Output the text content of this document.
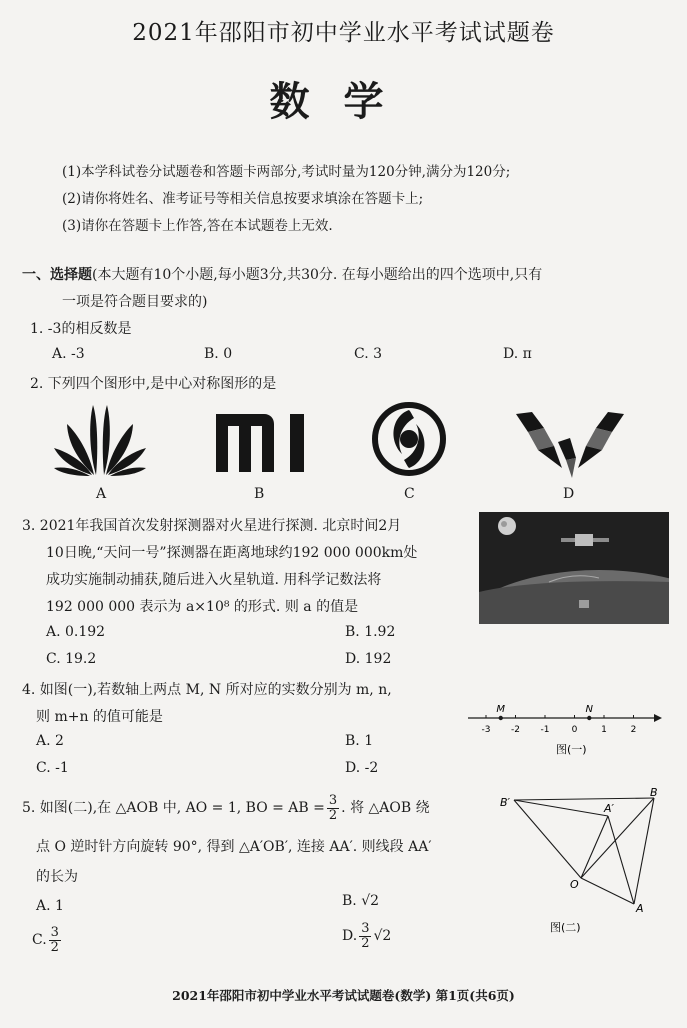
2021年邵阳市初中学业水平考试试题卷
数学
(1)本学科试卷分试题卷和答题卡两部分,考试时量为120分钟,满分为120分;
(2)请你将姓名、准考证号等相关信息按要求填涂在答题卡上;
(3)请你在答题卡上作答,答在本试题卷上无效.
一、选择题(本大题有10个小题,每小题3分,共30分. 在每小题给出的四个选项中,只有
一项是符合题目要求的)
1. -3的相反数是
A. -3	B. 0	C. 3	D. π
2. 下列四个图形中,是中心对称图形的是
A	B	C	D
3. 2021年我国首次发射探测器对火星进行探测. 北京时间2月
10日晚,“天问一号”探测器在距离地球约192 000 000km处
成功实施制动捕获,随后进入火星轨道. 用科学记数法将
192 000 000 表示为 a×10⁸ 的形式. 则 a 的值是
A. 0.192	B. 1.92
C. 19.2	D. 192
4. 如图(一),若数轴上两点 M, N 所对应的实数分别为 m, n,
则 m+n 的值可能是
A. 2	B. 1
C. -1	D. -2
-3 -2 -1 0	1	2
M	N
图(一)
5. 如图(二),在 △AOB 中, AO = 1, BO = AB = $\frac{3}{2}$ . 将 △AOB 绕
点 O 逆时针方向旋转 90°, 得到 △A′OB′, 连接 AA′. 则线段 AA′
的长为
A. 1	B. √2
C. $\frac{3}{2}$	D. $\frac{3}{2} √2$
B′	A′
B
O
A
图(二)
2021年邵阳市初中学业水平考试试题卷(数学) 第1页(共6页)
